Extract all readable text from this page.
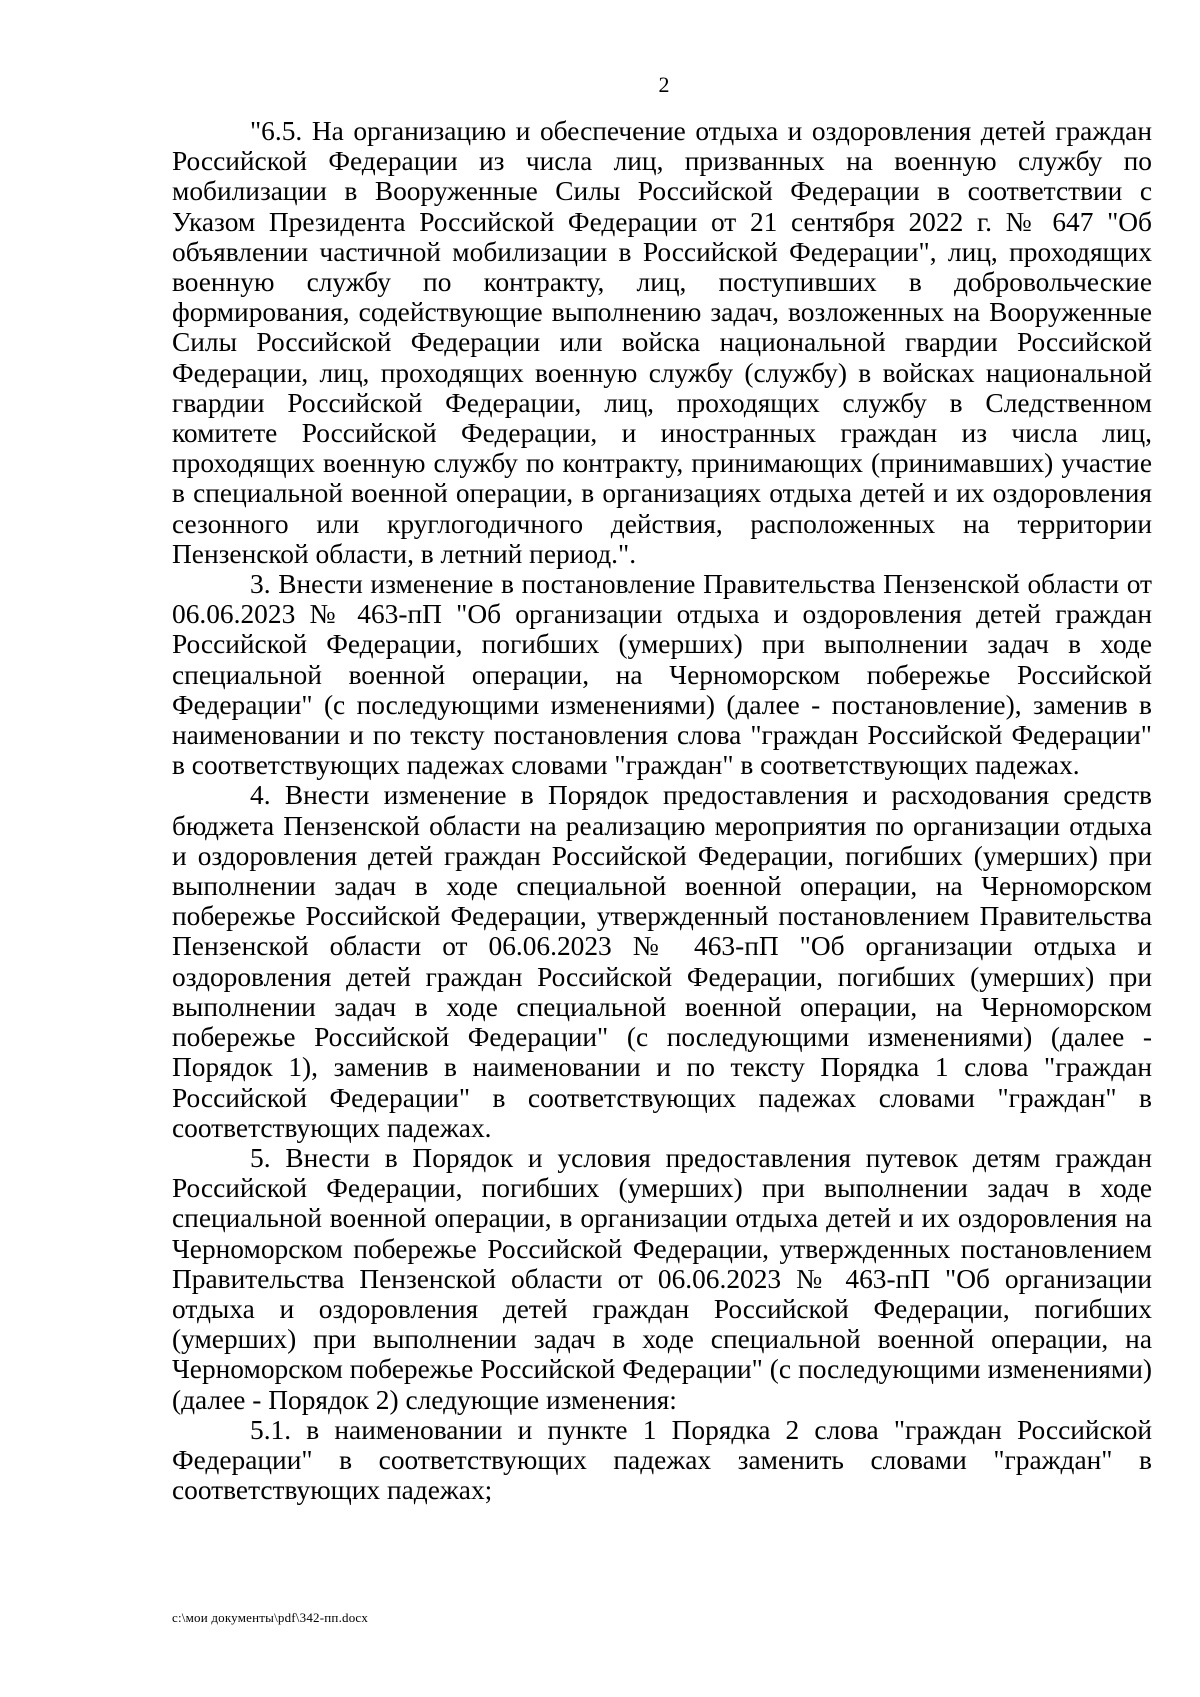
2

"6.5. На организацию и обеспечение отдыха и оздоровления детей граждан Российской Федерации из числа лиц, призванных на военную службу по мобилизации в Вооруженные Силы Российской Федерации в соответствии с Указом Президента Российской Федерации от 21 сентября 2022 г. № 647 "Об объявлении частичной мобилизации в Российской Федерации", лиц, проходящих военную службу по контракту, лиц, поступивших в добровольческие формирования, содействующие выполнению задач, возложенных на Вооруженные Силы Российской Федерации или войска национальной гвардии Российской Федерации, лиц, проходящих военную службу (службу) в войсках национальной гвардии Российской Федерации, лиц, проходящих службу в Следственном комитете Российской Федерации, и иностранных граждан из числа лиц, проходящих военную службу по контракту, принимающих (принимавших) участие в специальной военной операции, в организациях отдыха детей и их оздоровления сезонного или круглогодичного действия, расположенных на территории Пензенской области, в летний период.".

3. Внести изменение в постановление Правительства Пензенской области от 06.06.2023 № 463-пП "Об организации отдыха и оздоровления детей граждан Российской Федерации, погибших (умерших) при выполнении задач в ходе специальной военной операции, на Черноморском побережье Российской Федерации" (с последующими изменениями) (далее - постановление), заменив в наименовании и по тексту постановления слова "граждан Российской Федерации" в соответствующих падежах словами "граждан" в соответствующих падежах.

4. Внести изменение в Порядок предоставления и расходования средств бюджета Пензенской области на реализацию мероприятия по организации отдыха и оздоровления детей граждан Российской Федерации, погибших (умерших) при выполнении задач в ходе специальной военной операции, на Черноморском побережье Российской Федерации, утвержденный постановлением Правительства Пензенской области от 06.06.2023 № 463-пП "Об организации отдыха и оздоровления детей граждан Российской Федерации, погибших (умерших) при выполнении задач в ходе специальной военной операции, на Черноморском побережье Российской Федерации" (с последующими изменениями) (далее - Порядок 1), заменив в наименовании и по тексту Порядка 1 слова "граждан Российской Федерации" в соответствующих падежах словами "граждан" в соответствующих падежах.

5. Внести в Порядок и условия предоставления путевок детям граждан Российской Федерации, погибших (умерших) при выполнении задач в ходе специальной военной операции, в организации отдыха детей и их оздоровления на Черноморском побережье Российской Федерации, утвержденных постановлением Правительства Пензенской области от 06.06.2023 № 463-пП "Об организации отдыха и оздоровления детей граждан Российской Федерации, погибших (умерших) при выполнении задач в ходе специальной военной операции, на Черноморском побережье Российской Федерации" (с последующими изменениями) (далее - Порядок 2) следующие изменения:

5.1. в наименовании и пункте 1 Порядка 2 слова "граждан Российской Федерации" в соответствующих падежах заменить словами "граждан" в соответствующих падежах;

c:\мои документы\pdf\342-пп.docx
